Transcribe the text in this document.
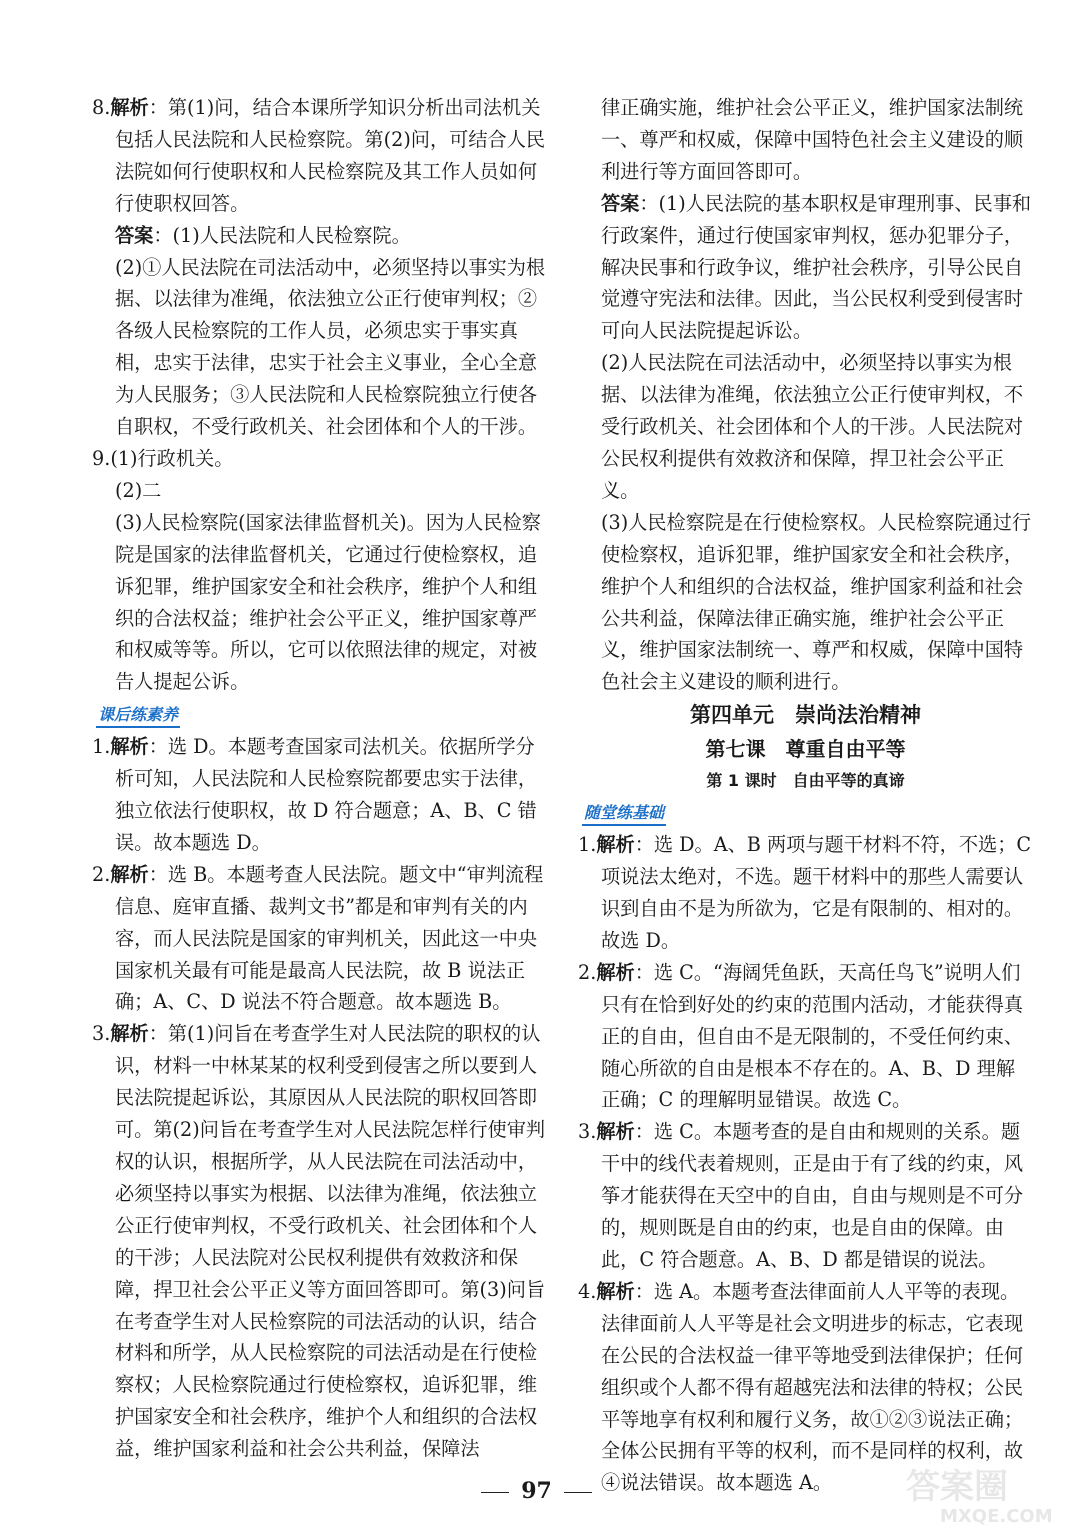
8.解析：第(1)问，结合本课所学知识分析出司法机关包括人民法院和人民检察院。第(2)问，可结合人民法院如何行使职权和人民检察院及其工作人员如何行使职权回答。

答案：(1)人民法院和人民检察院。

(2)①人民法院在司法活动中，必须坚持以事实为根据、以法律为准绳，依法独立公正行使审判权；②各级人民检察院的工作人员，必须忠实于事实真相，忠实于法律，忠实于社会主义事业，全心全意为人民服务；③人民法院和人民检察院独立行使各自职权，不受行政机关、社会团体和个人的干涉。

9.(1)行政机关。

(2)二

(3)人民检察院(国家法律监督机关)。因为人民检察院是国家的法律监督机关，它通过行使检察权，追诉犯罪，维护国家安全和社会秩序，维护个人和组织的合法权益；维护社会公平正义，维护国家尊严和权威等等。所以，它可以依照法律的规定，对被告人提起公诉。

课后练素养

1.解析：选 D。本题考查国家司法机关。依据所学分析可知，人民法院和人民检察院都要忠实于法律，独立依法行使职权，故 D 符合题意；A、B、C 错误。故本题选 D。

2.解析：选 B。本题考查人民法院。题文中“审判流程信息、庭审直播、裁判文书”都是和审判有关的内容，而人民法院是国家的审判机关，因此这一中央国家机关最有可能是最高人民法院，故 B 说法正确；A、C、D 说法不符合题意。故本题选 B。

3.解析：第(1)问旨在考查学生对人民法院的职权的认识，材料一中林某某的权利受到侵害之所以要到人民法院提起诉讼，其原因从人民法院的职权回答即可。第(2)问旨在考查学生对人民法院怎样行使审判权的认识，根据所学，从人民法院在司法活动中，必须坚持以事实为根据、以法律为准绳，依法独立公正行使审判权，不受行政机关、社会团体和个人的干涉；人民法院对公民权利提供有效救济和保障，捍卫社会公平正义等方面回答即可。第(3)问旨在考查学生对人民检察院的司法活动的认识，结合材料和所学，从人民检察院的司法活动是在行使检察权；人民检察院通过行使检察权，追诉犯罪，维护国家安全和社会秩序，维护个人和组织的合法权益，维护国家利益和社会公共利益，保障法

律正确实施，维护社会公平正义，维护国家法制统一、尊严和权威，保障中国特色社会主义建设的顺利进行等方面回答即可。

答案：(1)人民法院的基本职权是审理刑事、民事和行政案件，通过行使国家审判权，惩办犯罪分子，解决民事和行政争议，维护社会秩序，引导公民自觉遵守宪法和法律。因此，当公民权利受到侵害时可向人民法院提起诉讼。

(2)人民法院在司法活动中，必须坚持以事实为根据、以法律为准绳，依法独立公正行使审判权，不受行政机关、社会团体和个人的干涉。人民法院对公民权利提供有效救济和保障，捍卫社会公平正义。

(3)人民检察院是在行使检察权。人民检察院通过行使检察权，追诉犯罪，维护国家安全和社会秩序，维护个人和组织的合法权益，维护国家利益和社会公共利益，保障法律正确实施，维护社会公平正义，维护国家法制统一、尊严和权威，保障中国特色社会主义建设的顺利进行。

第四单元　崇尚法治精神
第七课　尊重自由平等
第 1 课时　自由平等的真谛
随堂练基础

1.解析：选 D。A、B 两项与题干材料不符，不选；C 项说法太绝对，不选。题干材料中的那些人需要认识到自由不是为所欲为，它是有限制的、相对的。故选 D。

2.解析：选 C。“海阔凭鱼跃，天高任鸟飞”说明人们只有在恰到好处的约束的范围内活动，才能获得真正的自由，但自由不是无限制的，不受任何约束、随心所欲的自由是根本不存在的。A、B、D 理解正确；C 的理解明显错误。故选 C。

3.解析：选 C。本题考查的是自由和规则的关系。题干中的线代表着规则，正是由于有了线的约束，风筝才能获得在天空中的自由，自由与规则是不可分的，规则既是自由的约束，也是自由的保障。由此，C 符合题意。A、B、D 都是错误的说法。

4.解析：选 A。本题考查法律面前人人平等的表现。法律面前人人平等是社会文明进步的标志，它表现在公民的合法权益一律平等地受到法律保护；任何组织或个人都不得有超越宪法和法律的特权；公民平等地享有权利和履行义务，故①②③说法正确；全体公民拥有平等的权利，而不是同样的权利，故④说法错误。故本题选 A。

97	答案圈
MXQE.COM
